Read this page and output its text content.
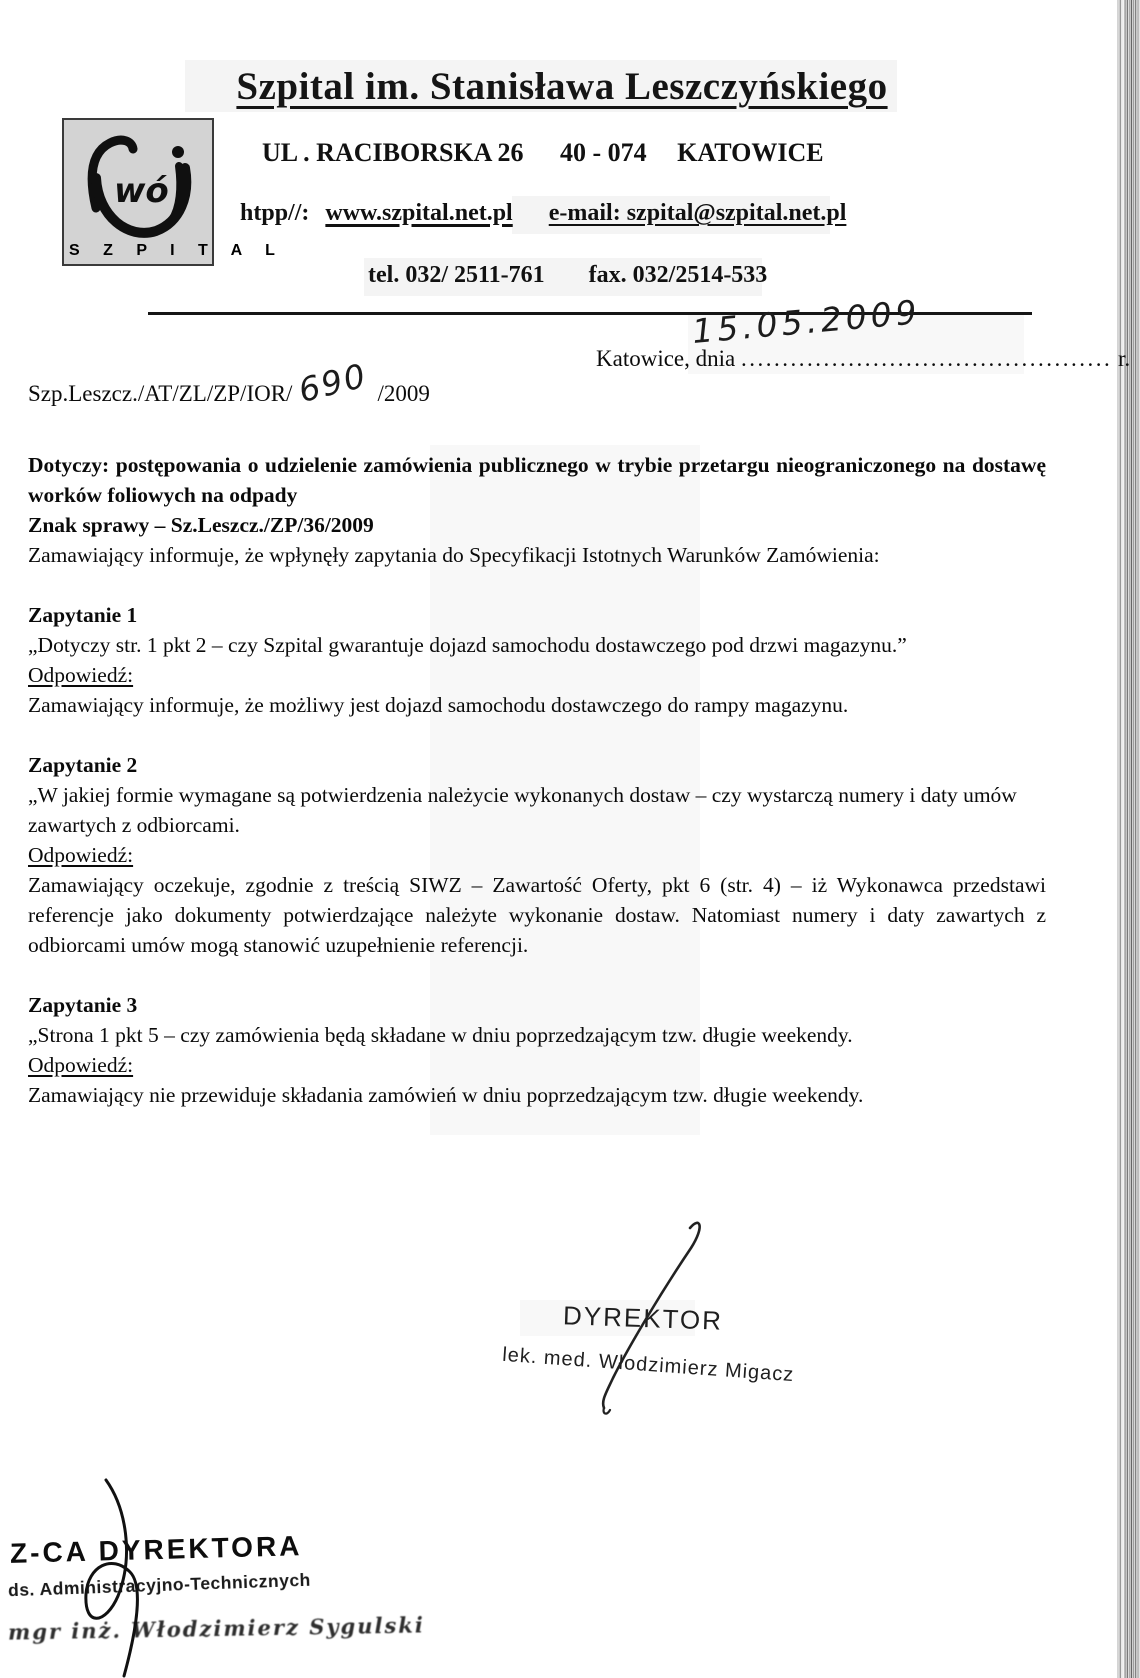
Szpital im. Stanisława Leszczyńskiego
wó
S Z P I T A L
UL . RACIBORSKA 26 40 - 074 KATOWICE
htpp//: www.szpital.net.pl e-mail: szpital@szpital.net.pl
tel. 032/ 2511-761 fax. 032/2514-533
Katowice, dnia ............................................. r.
15.05.2009
Szp.Leszcz./AT/ZL/ZP/IOR/690 /2009

Dotyczy: postępowania o udzielenie zamówienia publicznego w trybie przetargu nieograniczonego na dostawę worków foliowych na odpady

Znak sprawy – Sz.Leszcz./ZP/36/2009

Zamawiający informuje, że wpłynęły zapytania do Specyfikacji Istotnych Warunków Zamówienia:

Zapytanie 1

„Dotyczy str. 1 pkt 2 – czy Szpital gwarantuje dojazd samochodu dostawczego pod drzwi magazynu.”

Odpowiedź:

Zamawiający informuje, że możliwy jest dojazd samochodu dostawczego do rampy magazynu.

Zapytanie 2

„W jakiej formie wymagane są potwierdzenia należycie wykonanych dostaw – czy wystarczą numery i daty umów zawartych z odbiorcami.

Odpowiedź:

Zamawiający oczekuje, zgodnie z treścią SIWZ – Zawartość Oferty, pkt 6 (str. 4) – iż Wykonawca przedstawi referencje jako dokumenty potwierdzające należyte wykonanie dostaw. Natomiast numery i daty zawartych z odbiorcami umów mogą stanowić uzupełnienie referencji.

Zapytanie 3

„Strona 1 pkt 5 – czy zamówienia będą składane w dniu poprzedzającym tzw. długie weekendy.

Odpowiedź:

Zamawiający nie przewiduje składania zamówień w dniu poprzedzającym tzw. długie weekendy.

DYREKTOR
lek. med. Włodzimierz Migacz
Z-CA DYREKTORA
ds. Administracyjno-Technicznych
mgr inż. Włodzimierz Sygulski
